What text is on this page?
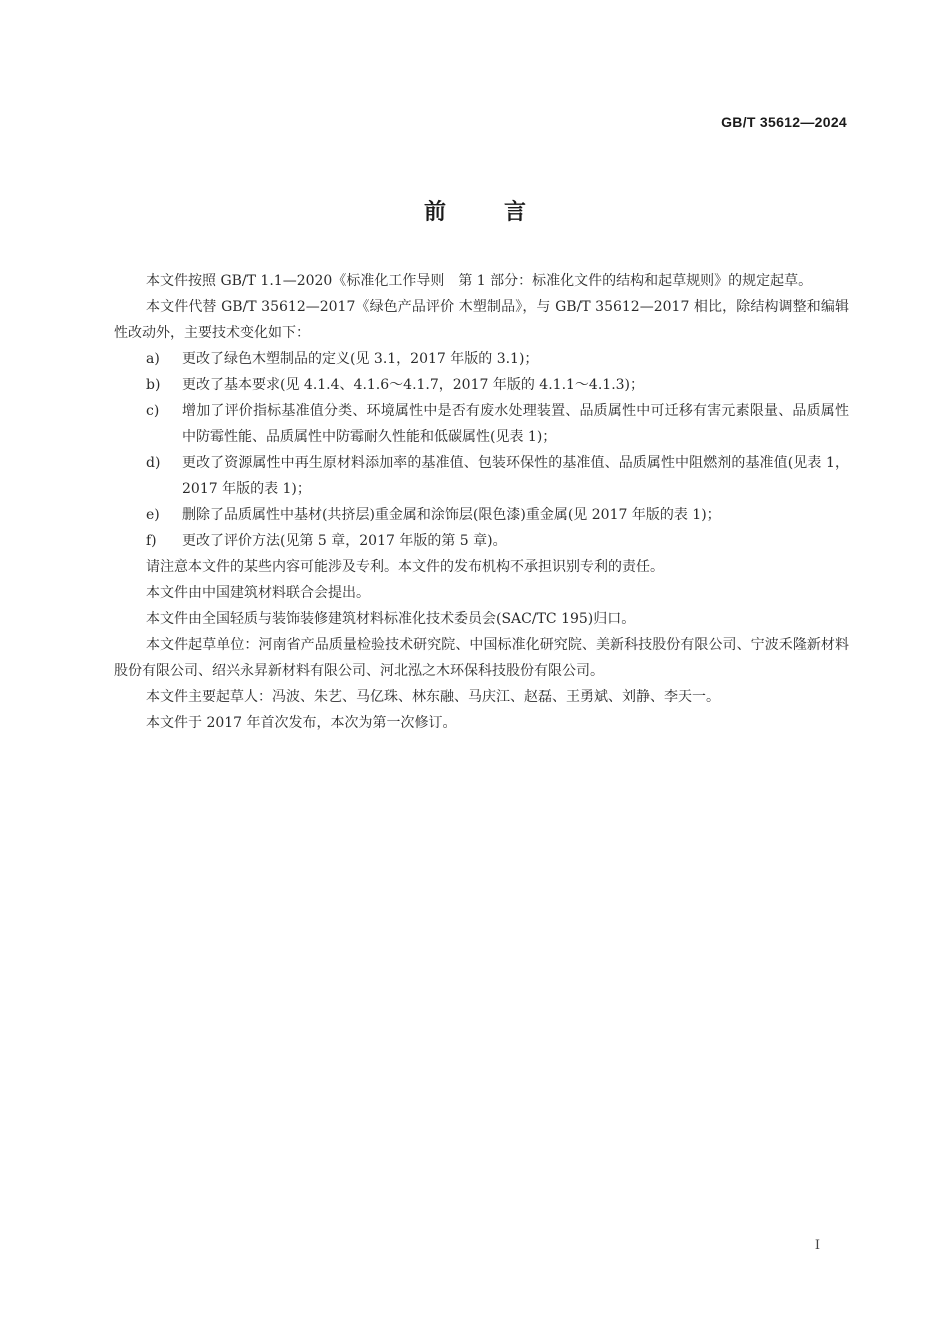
GB/T 35612—2024
前言

本文件按照 GB/T 1.1—2020《标准化工作导则　第 1 部分：标准化文件的结构和起草规则》的规定起草。

本文件代替 GB/T 35612—2017《绿色产品评价 木塑制品》，与 GB/T 35612—2017 相比，除结构调整和编辑性改动外，主要技术变化如下：

a)	更改了绿色木塑制品的定义(见 3.1，2017 年版的 3.1)；
b)	更改了基本要求(见 4.1.4、4.1.6～4.1.7，2017 年版的 4.1.1～4.1.3)；
c)	增加了评价指标基准值分类、环境属性中是否有废水处理装置、品质属性中可迁移有害元素限量、品质属性中防霉性能、品质属性中防霉耐久性能和低碳属性(见表 1)；
d)	更改了资源属性中再生原材料添加率的基准值、包装环保性的基准值、品质属性中阻燃剂的基准值(见表 1，2017 年版的表 1)；
e)	删除了品质属性中基材(共挤层)重金属和涂饰层(限色漆)重金属(见 2017 年版的表 1)；
f)	更改了评价方法(见第 5 章，2017 年版的第 5 章)。

请注意本文件的某些内容可能涉及专利。本文件的发布机构不承担识别专利的责任。

本文件由中国建筑材料联合会提出。

本文件由全国轻质与装饰装修建筑材料标准化技术委员会(SAC/TC 195)归口。

本文件起草单位：河南省产品质量检验技术研究院、中国标准化研究院、美新科技股份有限公司、宁波禾隆新材料股份有限公司、绍兴永昇新材料有限公司、河北泓之木环保科技股份有限公司。

本文件主要起草人：冯波、朱艺、马亿珠、林东融、马庆江、赵磊、王勇斌、刘静、李天一。

本文件于 2017 年首次发布，本次为第一次修订。

I
